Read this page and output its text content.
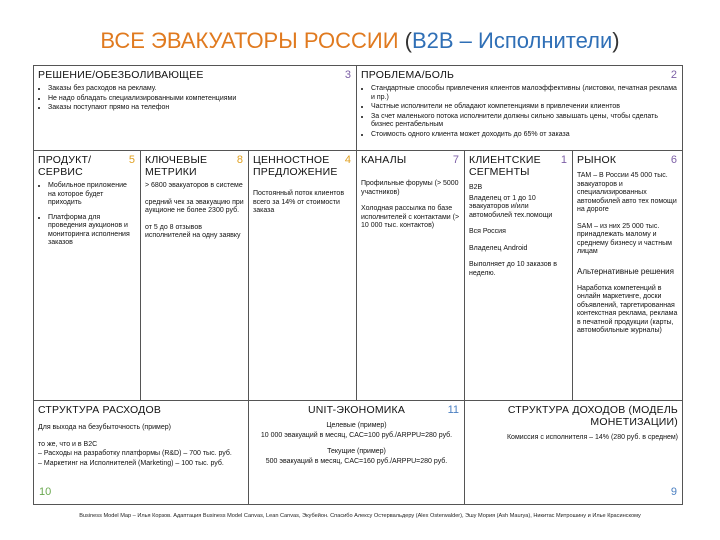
ВСЕ ЭВАКУАТОРЫ РОССИИ (B2B – Исполнители)
РЕШЕНИЕ/ОБЕЗБОЛИВАЮЩЕЕ	3
• Заказы без расходов на рекламу.
• Не надо обладать специализированными компетенциями
• Заказы поступают прямо на телефон
ПРОБЛЕМА/БОЛЬ	2
• Стандартные способы привлечения клиентов малоэффективны (листовки, печатная реклама и пр.)
• Частные исполнители не обладают компетенциями в привлечении клиентов
• За счет маленького потока исполнители должны сильно завышать цены, чтобы сделать бизнес рентабельным
• Стоимость одного клиента может доходить до 65% от заказа
ПРОДУКТ/
СЕРВИС
5
• Мобильное приложение на которое будет приходить
• Платформа для проведения аукционов и мониторинга исполнения заказов
КЛЮЧЕВЫЕ
МЕТРИКИ
8

> 6800 эвакуаторов в системе

средний чек за эвакуацию при аукционе не более 2300 руб.

от 5 до 8 отзывов исполнителей на одну заявку

ЦЕННОСТНОЕ
ПРЕДЛОЖЕНИЕ
4

Постоянный поток клиентов всего за 14% от стоимости заказа

КАНАЛЫ	7

Профильные форумы (> 5000 участников)

Холодная рассылка по базе исполнителей с контактами (> 10 000 тыс. контактов)

КЛИЕНТСКИЕ
СЕГМЕНТЫ
1

B2B

Владелец от 1 до 10 эвакуаторов и/или автомобилей тех.помощи

Вся Россия

Владелец Android

Выполняет до 10 заказов в неделю.

РЫНОК	6

TAM – В России 45 000 тыс. эвакуаторов и специализированных автомобилей авто тех помощи на дороге

SAM – из них 25 000 тыс. принадлежать малому и среднему бизнесу и частным лицам

Альтернативные решения

Наработка компетенций в онлайн маркетинге, доски объявлений, таргетированная контекстная реклама, реклама в печатной продукции (карты, автомобильные журналы)

СТРУКТУРА РАСХОДОВ

Для выхода на безубыточность (пример)

то же, что и в B2C

– Расходы на разработку платформы (R&D) – 700 тыс. руб.

– Маркетинг на Исполнителей (Marketing) – 100 тыс. руб.

10
UNIT-ЭКОНОМИКА	11

Целевые (пример)

10 000 эвакуаций в месяц, CAC=100 руб./ARPPU=280 руб.

Текущие (пример)

500 эвакуаций в месяц, CAC=160 руб./ARPPU=280 руб.

СТРУКТУРА ДОХОДОВ (МОДЕЛЬ
МОНЕТИЗАЦИИ)

Комиссия с исполнителя – 14% (280 руб. в среднем)

9
Business Model Map – Илья Корзов. Адаптация Business Model Canvas, Lean Canvas, Экубейон. Спасибо Алексу Остервальдеру (Alex Osterwalder), Эшу Мория (Ash Maurya), Никитас Митрошину и Илье Красинскому
